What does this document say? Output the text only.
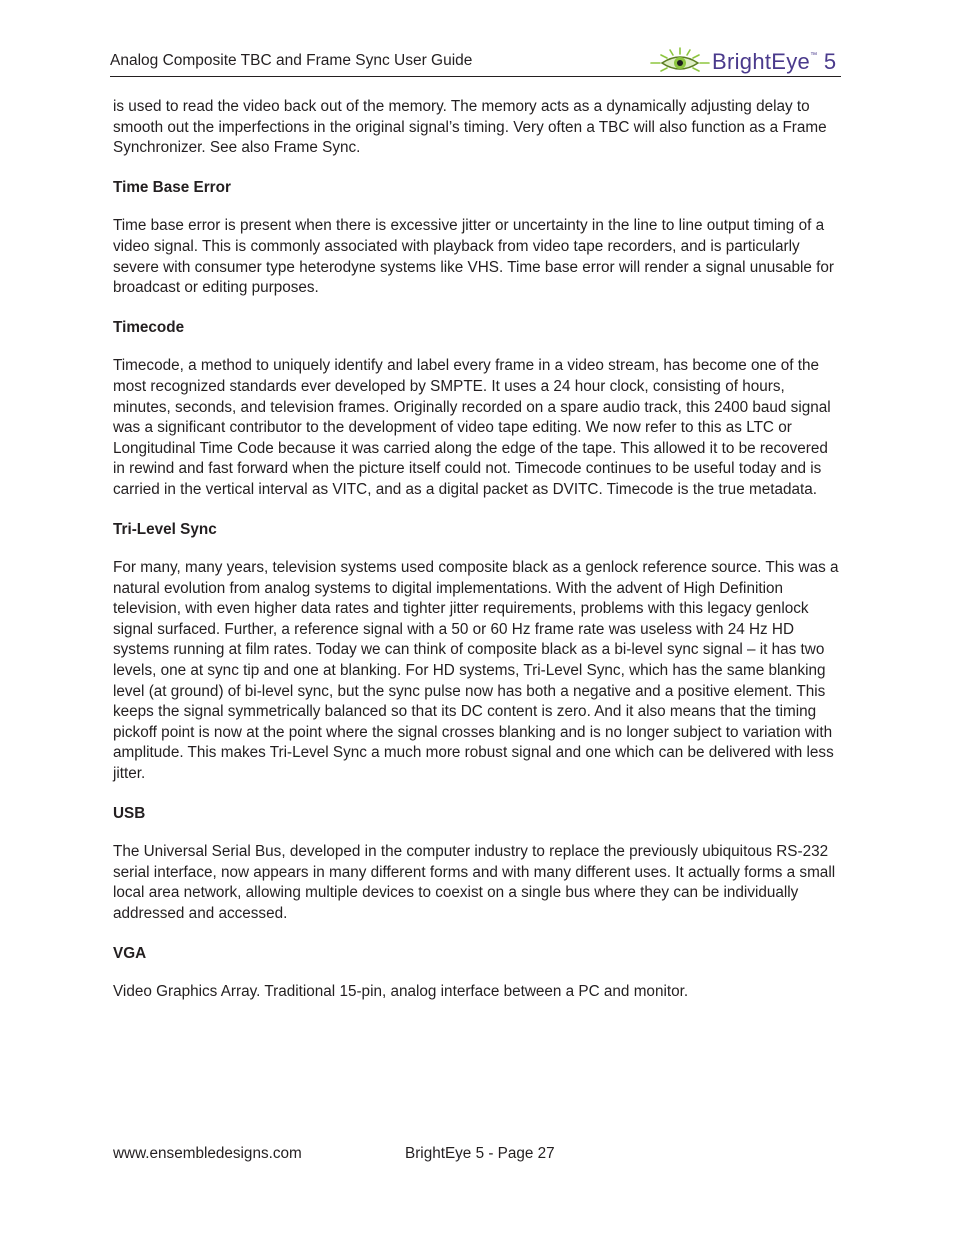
Analog Composite TBC and Frame Sync User Guide	BrightEye™ 5

is used to read the video back out of the memory. The memory acts as a dynamically adjusting delay to smooth out the imperfections in the original signal’s timing. Very often a TBC will also function as a Frame Synchronizer. See also Frame Sync.

Time Base Error

Time base error is present when there is excessive jitter or uncertainty in the line to line output timing of a video signal. This is commonly associated with playback from video tape recorders, and is particularly severe with consumer type heterodyne systems like VHS. Time base error will render a signal unusable for broadcast or editing purposes.

Timecode

Timecode, a method to uniquely identify and label every frame in a video stream, has become one of the most recognized standards ever developed by SMPTE. It uses a 24 hour clock, consisting of hours, minutes, seconds, and television frames. Originally recorded on a spare audio track, this 2400 baud signal was a significant contributor to the development of video tape editing. We now refer to this as LTC or Longitudinal Time Code because it was carried along the edge of the tape. This allowed it to be recovered in rewind and fast forward when the picture itself could not. Timecode continues to be useful today and is carried in the vertical interval as VITC, and as a digital packet as DVITC. Timecode is the true metadata.

Tri-Level Sync

For many, many years, television systems used composite black as a genlock reference source. This was a natural evolution from analog systems to digital implementations. With the advent of High Definition television, with even higher data rates and tighter jitter requirements, problems with this legacy genlock signal surfaced. Further, a reference signal with a 50 or 60 Hz frame rate was useless with 24 Hz HD systems running at film rates. Today we can think of composite black as a bi-level sync signal – it has two levels, one at sync tip and one at blanking. For HD systems, Tri-Level Sync, which has the same blanking level (at ground) of bi-level sync, but the sync pulse now has both a negative and a positive element. This keeps the signal symmetrically balanced so that its DC content is zero. And it also means that the timing pickoff point is now at the point where the signal crosses blanking and is no longer subject to variation with amplitude. This makes Tri-Level Sync a much more robust signal and one which can be delivered with less jitter.

USB

The Universal Serial Bus, developed in the computer industry to replace the previously ubiquitous RS-232 serial interface, now appears in many different forms and with many different uses. It actually forms a small local area network, allowing multiple devices to coexist on a single bus where they can be individually addressed and accessed.

VGA

Video Graphics Array. Traditional 15-pin, analog interface between a PC and monitor.

www.ensembledesigns.com	BrightEye 5 - Page 27
